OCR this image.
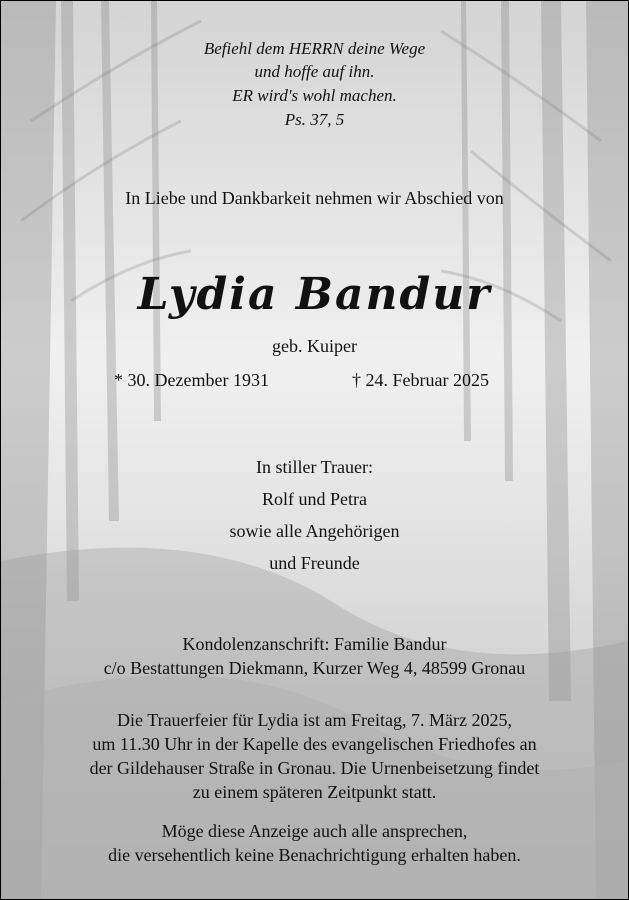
Befiehl dem HERRN deine Wege
und hoffe auf ihn.
ER wird's wohl machen.
Ps. 37, 5
In Liebe und Dankbarkeit nehmen wir Abschied von
Lydia Bandur
geb. Kuiper
* 30. Dezember 1931	† 24. Februar 2025
In stiller Trauer:
Rolf und Petra
sowie alle Angehörigen
und Freunde
Kondolenzanschrift: Familie Bandur
c/o Bestattungen Diekmann, Kurzer Weg 4, 48599 Gronau
Die Trauerfeier für Lydia ist am Freitag, 7. März 2025,
um 11.30 Uhr in der Kapelle des evangelischen Friedhofes an
der Gildehauser Straße in Gronau. Die Urnenbeisetzung findet
zu einem späteren Zeitpunkt statt.
Möge diese Anzeige auch alle ansprechen,
die versehentlich keine Benachrichtigung erhalten haben.
